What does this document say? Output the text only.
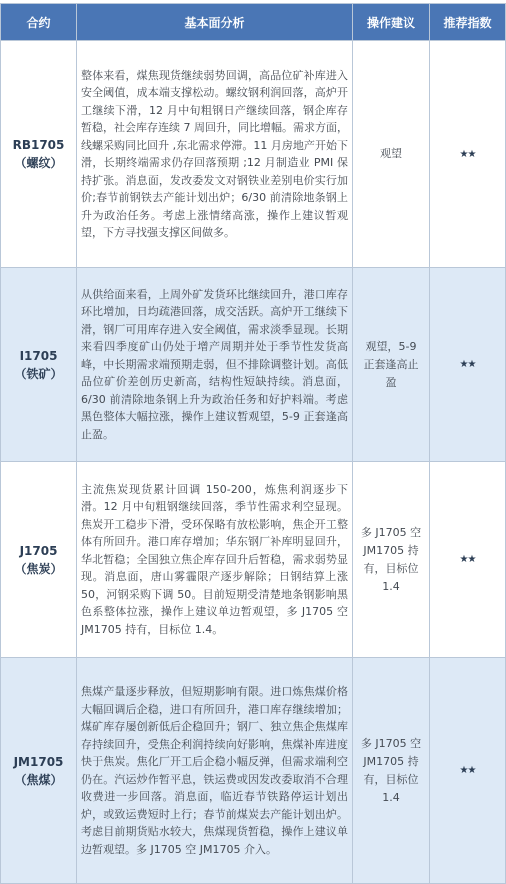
合约	基本面分析	操作建议	推荐指数

RB1705
（螺纹）	整体来看，煤焦现货继续弱势回调，高品位矿补库进入安全阈值，成本端支撑松动。螺纹钢利润回落，高炉开工继续下滑，12 月中旬粗钢日产继续回落，钢企库存暂稳，社会库存连续 7 周回升，同比增幅。需求方面，线螺采购同比回升 ,东北需求停滞。11 月房地产开始下滑，长期终端需求仍存回落预期 ;12 月制造业 PMI 保持扩张。消息面，发改委发文对钢铁业差别电价实行加价;春节前钢铁去产能计划出炉；6/30 前清除地条钢上升为政治任务。考虑上涨情绪高涨，操作上建议暂观望，下方寻找强支撑区间做多。	观望	★★

I1705
（铁矿）	从供给面来看，上周外矿发货环比继续回升，港口库存环比增加，日均疏港回落，成交活跃。高炉开工继续下滑，钢厂可用库存进入安全阈值，需求淡季显现。长期来看四季度矿山仍处于增产周期并处于季节性发货高峰，中长期需求端预期走弱，但不排除调整计划。高低品位矿价差创历史新高，结构性短缺持续。消息面，6/30 前清除地条钢上升为政治任务和好护料端。考虑黑色整体大幅拉涨，操作上建议暂观望，5-9 正套逢高止盈。	观望，5-9 正套逢高止盈	★★

J1705
（焦炭）	主流焦炭现货累计回调 150-200，炼焦利润逐步下滑。12 月中旬粗钢继续回落，季节性需求利空显现。焦炭开工稳步下滑，受环保略有放松影响，焦企开工整体有所回升。港口库存增加；华东钢厂补库明显回升，华北暂稳；全国独立焦企库存回升后暂稳，需求弱势显现。消息面，唐山雾霾限产逐步解除；日钢结算上涨 50，河钢采购下调 50。目前短期受清楚地条钢影响黑色系整体拉涨，操作上建议单边暂观望，多 J1705 空 JM1705 持有，目标位 1.4。	多 J1705 空 JM1705 持有，目标位 1.4	★★

JM1705
（焦煤）	焦煤产量逐步释放，但短期影响有限。进口炼焦煤价格大幅回调后企稳，进口有所回升，港口库存继续增加；煤矿库存屡创新低后企稳回升；钢厂、独立焦企焦煤库存持续回升，受焦企利润持续向好影响，焦煤补库进度快于焦炭。焦化厂开工后企稳小幅反弹，但需求端利空仍在。汽运炒作暂平息，铁运费或因发改委取消不合理收费进一步回落。消息面，临近春节铁路停运计划出炉，或致运费短时上行；春节前煤炭去产能计划出炉。考虑目前期货贴水较大，焦煤现货暂稳，操作上建议单边暂观望。多 J1705 空 JM1705 介入。	多 J1705 空 JM1705 持有，目标位 1.4	★★
